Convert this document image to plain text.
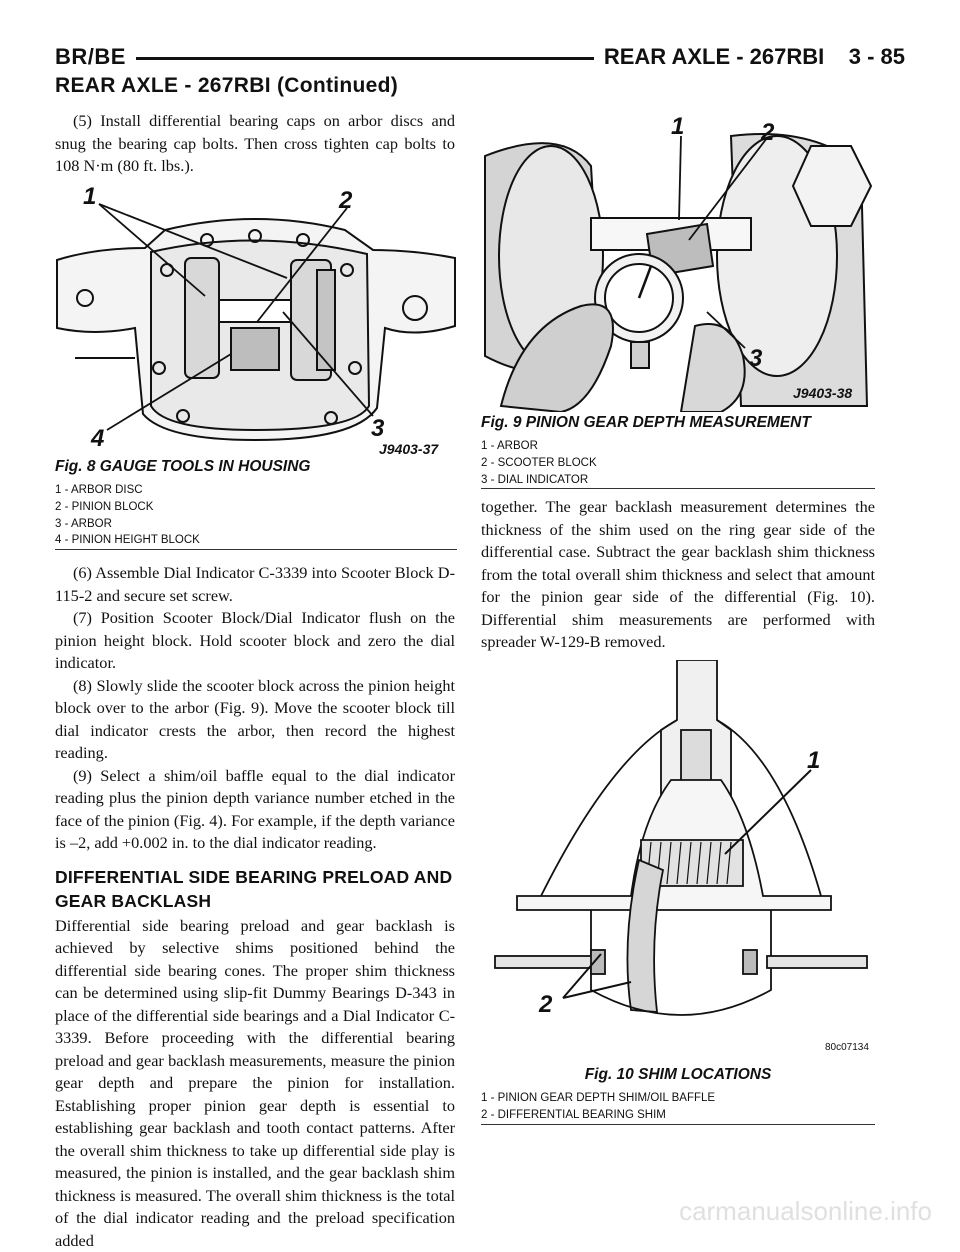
BR/BE	REAR AXLE - 267RBI    3 - 85
REAR AXLE - 267RBI (Continued)

(5) Install differential bearing caps on arbor discs and snug the bearing cap bolts. Then cross tighten cap bolts to 108 N·m (80 ft. lbs.).

1	2
3
4	J9403-37
Fig. 8 GAUGE TOOLS IN HOUSING
1 - ARBOR DISC
2 - PINION BLOCK
3 - ARBOR
4 - PINION HEIGHT BLOCK

(6) Assemble Dial Indicator C-3339 into Scooter Block D-115-2 and secure set screw.

(7) Position Scooter Block/Dial Indicator flush on the pinion height block. Hold scooter block and zero the dial indicator.

(8) Slowly slide the scooter block across the pinion height block over to the arbor (Fig. 9). Move the scooter block till dial indicator crests the arbor, then record the highest reading.

(9) Select a shim/oil baffle equal to the dial indicator reading plus the pinion depth variance number etched in the face of the pinion (Fig. 4). For example, if the depth variance is –2, add +0.002 in. to the dial indicator reading.

DIFFERENTIAL SIDE BEARING PRELOAD AND
GEAR BACKLASH

Differential side bearing preload and gear backlash is achieved by selective shims positioned behind the differential side bearing cones. The proper shim thickness can be determined using slip-fit Dummy Bearings D-343 in place of the differential side bearings and a Dial Indicator C-3339. Before proceeding with the differential bearing preload and gear backlash measurements, measure the pinion gear depth and prepare the pinion for installation. Establishing proper pinion gear depth is essential to establishing gear backlash and tooth contact patterns. After the overall shim thickness to take up differential side play is measured, the pinion is installed, and the gear backlash shim thickness is measured. The overall shim thickness is the total of the dial indicator reading and the preload specification added

1	2
3
J9403-38
Fig. 9 PINION GEAR DEPTH MEASUREMENT
1 - ARBOR
2 - SCOOTER BLOCK
3 - DIAL INDICATOR

together. The gear backlash measurement determines the thickness of the shim used on the ring gear side of the differential case. Subtract the gear backlash shim thickness from the total overall shim thickness and select that amount for the pinion gear side of the differential (Fig. 10). Differential shim measurements are performed with spreader W-129-B removed.

1
2
80c07134
Fig. 10 SHIM LOCATIONS
1 - PINION GEAR DEPTH SHIM/OIL BAFFLE
2 - DIFFERENTIAL BEARING SHIM
carmanualsonline.info
